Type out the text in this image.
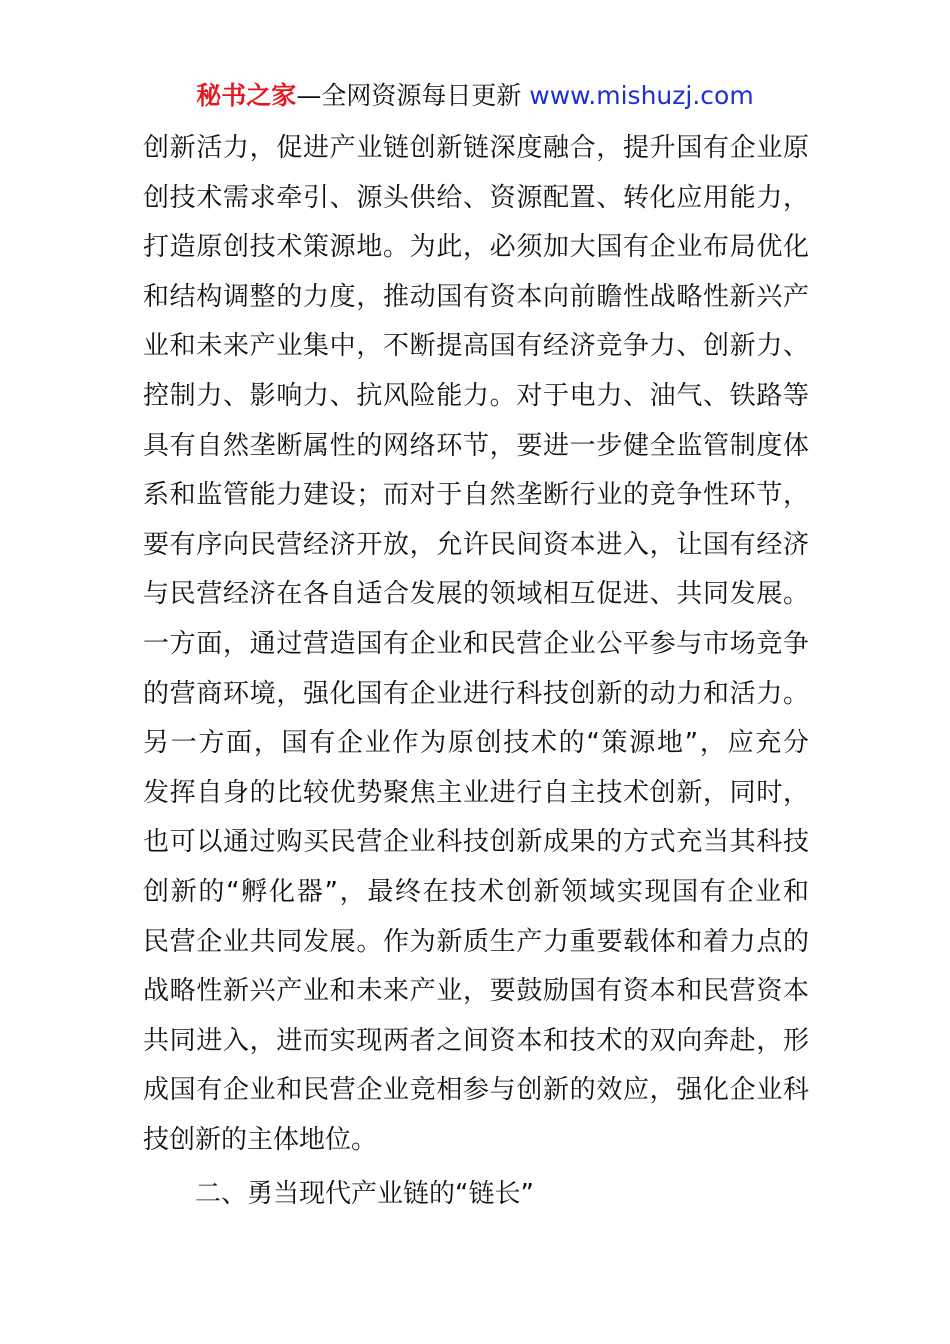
秘书之家—全网资源每日更新 www.mishuzj.com
创新活力，促进产业链创新链深度融合，提升国有企业原
创技术需求牵引、源头供给、资源配置、转化应用能力，
打造原创技术策源地。为此，必须加大国有企业布局优化
和结构调整的力度，推动国有资本向前瞻性战略性新兴产
业和未来产业集中，不断提高国有经济竞争力、创新力、
控制力、影响力、抗风险能力。对于电力、油气、铁路等
具有自然垄断属性的网络环节，要进一步健全监管制度体
系和监管能力建设；而对于自然垄断行业的竞争性环节，
要有序向民营经济开放，允许民间资本进入，让国有经济
与民营经济在各自适合发展的领域相互促进、共同发展。
一方面，通过营造国有企业和民营企业公平参与市场竞争
的营商环境，强化国有企业进行科技创新的动力和活力。
另一方面，国有企业作为原创技术的“策源地”，应充分
发挥自身的比较优势聚焦主业进行自主技术创新，同时，
也可以通过购买民营企业科技创新成果的方式充当其科技
创新的“孵化器”，最终在技术创新领域实现国有企业和
民营企业共同发展。作为新质生产力重要载体和着力点的
战略性新兴产业和未来产业，要鼓励国有资本和民营资本
共同进入，进而实现两者之间资本和技术的双向奔赴，形
成国有企业和民营企业竞相参与创新的效应，强化企业科
技创新的主体地位。
二、勇当现代产业链的“链长”
